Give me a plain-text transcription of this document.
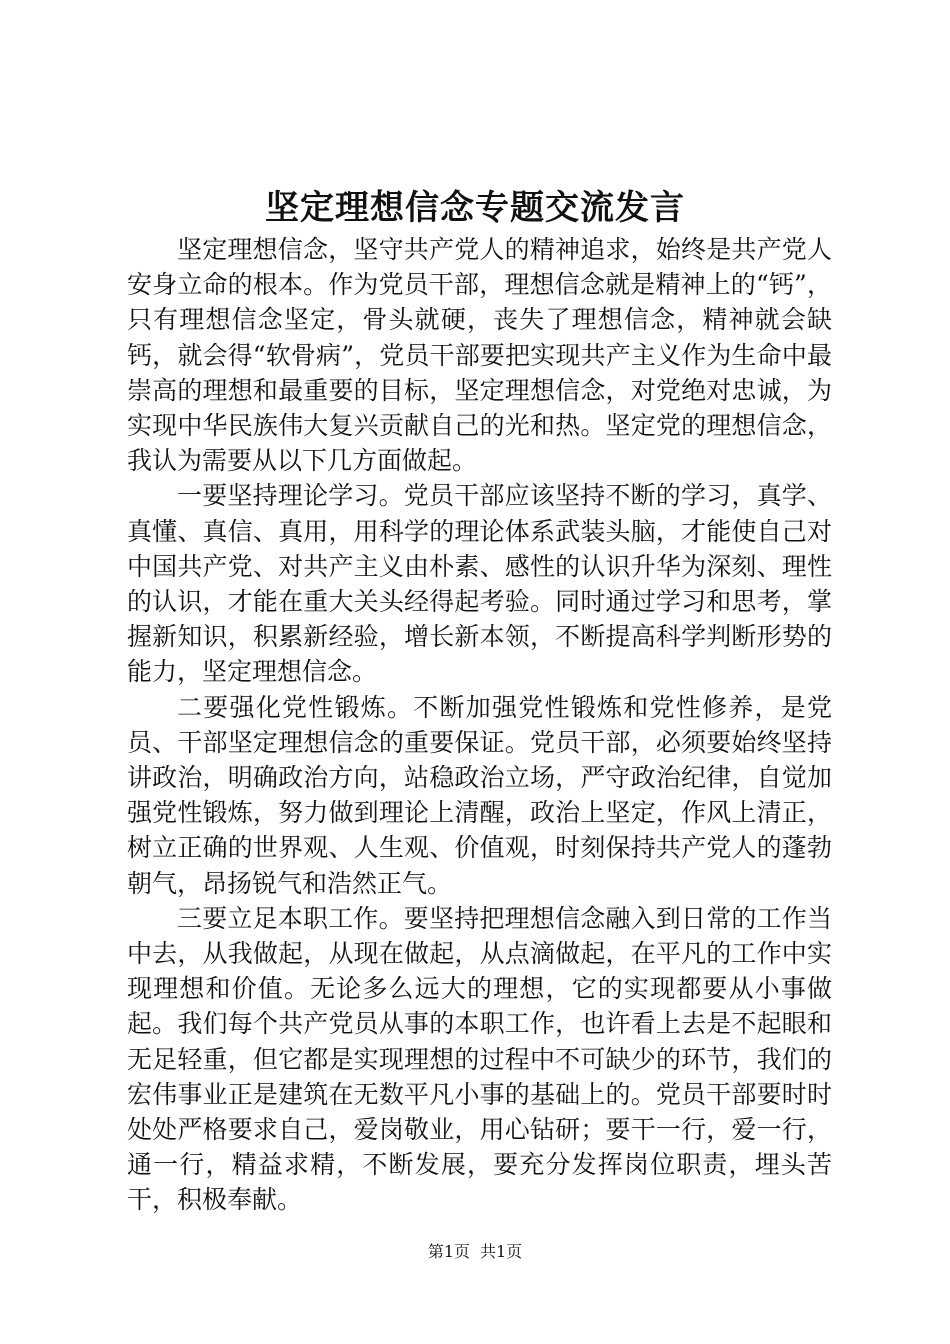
坚定理想信念专题交流发言

坚定理想信念，坚守共产党人的精神追求，始终是共产党人安身立命的根本。作为党员干部，理想信念就是精神上的“钙”，只有理想信念坚定，骨头就硬，丧失了理想信念，精神就会缺钙，就会得“软骨病”，党员干部要把实现共产主义作为生命中最崇高的理想和最重要的目标，坚定理想信念，对党绝对忠诚，为实现中华民族伟大复兴贡献自己的光和热。坚定党的理想信念，我认为需要从以下几方面做起。

一要坚持理论学习。党员干部应该坚持不断的学习，真学、真懂、真信、真用，用科学的理论体系武装头脑，才能使自己对中国共产党、对共产主义由朴素、感性的认识升华为深刻、理性的认识，才能在重大关头经得起考验。同时通过学习和思考，掌握新知识，积累新经验，增长新本领，不断提高科学判断形势的能力，坚定理想信念。

二要强化党性锻炼。不断加强党性锻炼和党性修养，是党员、干部坚定理想信念的重要保证。党员干部，必须要始终坚持讲政治，明确政治方向，站稳政治立场，严守政治纪律，自觉加强党性锻炼，努力做到理论上清醒，政治上坚定，作风上清正，树立正确的世界观、人生观、价值观，时刻保持共产党人的蓬勃朝气，昂扬锐气和浩然正气。

三要立足本职工作。要坚持把理想信念融入到日常的工作当中去，从我做起，从现在做起，从点滴做起，在平凡的工作中实现理想和价值。无论多么远大的理想，它的实现都要从小事做起。我们每个共产党员从事的本职工作，也许看上去是不起眼和无足轻重，但它都是实现理想的过程中不可缺少的环节，我们的宏伟事业正是建筑在无数平凡小事的基础上的。党员干部要时时处处严格要求自己，爱岗敬业，用心钻研；要干一行，爱一行，通一行，精益求精，不断发展，要充分发挥岗位职责，埋头苦干，积极奉献。

第1页 共1页
